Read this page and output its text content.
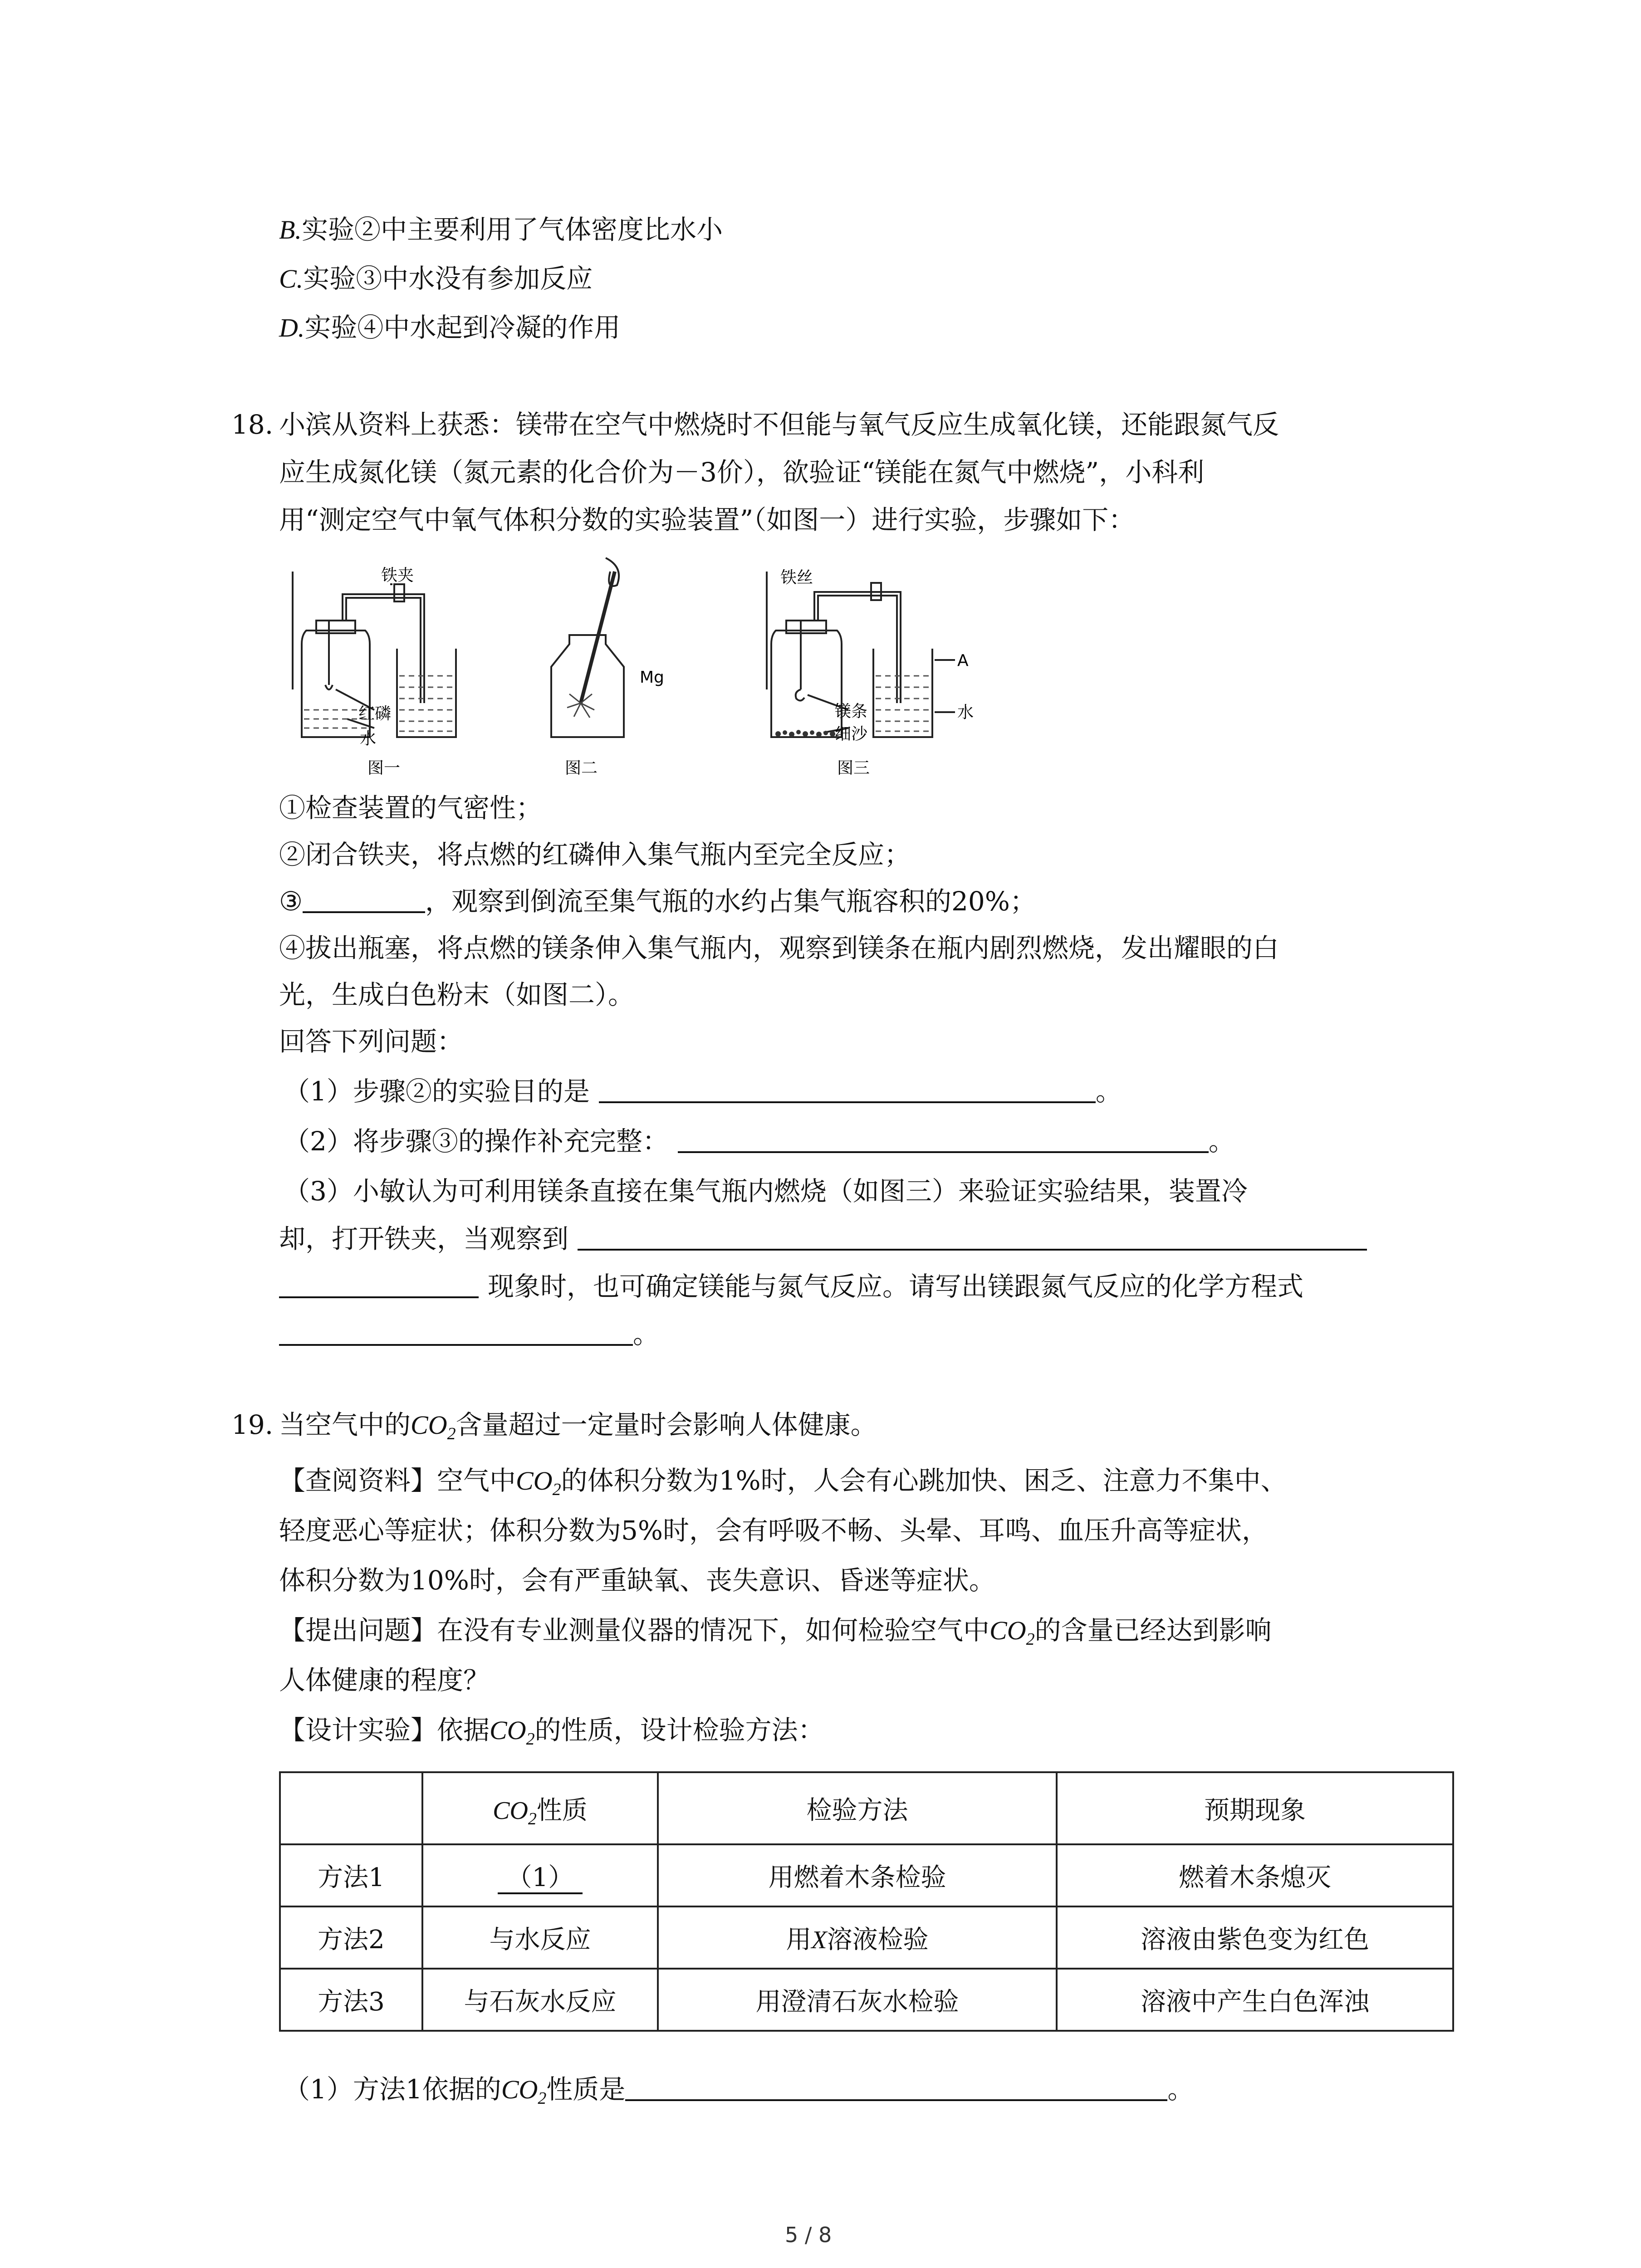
B.实验②中主要利用了气体密度比水小
C.实验③中水没有参加反应
D.实验④中水起到冷凝的作用
18. 小滨从资料上获悉：镁带在空气中燃烧时不但能与氧气反应生成氧化镁，还能跟氮气反
应生成氮化镁（氮元素的化合价为－3价），欲验证“镁能在氮气中燃烧”，小科利
用“测定空气中氧气体积分数的实验装置”（如图一）进行实验，步骤如下：
铁夹
红磷
水
图一
Mg
图二
铁丝
A
镁条
细沙
水
图三
①检查装置的气密性；
②闭合铁夹，将点燃的红磷伸入集气瓶内至完全反应；
③	，观察到倒流至集气瓶的水约占集气瓶容积的20%；
④拔出瓶塞，将点燃的镁条伸入集气瓶内，观察到镁条在瓶内剧烈燃烧，发出耀眼的白
光，生成白色粉末（如图二）。
回答下列问题：
（1）步骤②的实验目的是	。
（2）将步骤③的操作补充完整：	。
（3）小敏认为可利用镁条直接在集气瓶内燃烧（如图三）来验证实验结果，装置冷
却，打开铁夹，当观察到
现象时，也可确定镁能与氮气反应。请写出镁跟氮气反应的化学方程式
。
19. 当空气中的$CO_2$含量超过一定量时会影响人体健康。
【查阅资料】空气中$CO_2$的体积分数为1%时，人会有心跳加快、困乏、注意力不集中、
轻度恶心等症状；体积分数为5%时，会有呼吸不畅、头晕、耳鸣、血压升高等症状，
体积分数为10%时，会有严重缺氧、丧失意识、昏迷等症状。
【提出问题】在没有专业测量仪器的情况下，如何检验空气中$CO_2$的含量已经达到影响
人体健康的程度？
【设计实验】依据$CO_2$的性质，设计检验方法：
	$CO_2$性质	检验方法	预期现象
方法1	（1）	用燃着木条检验	燃着木条熄灭
方法2	与水反应	用X溶液检验	溶液由紫色变为红色
方法3	与石灰水反应	用澄清石灰水检验	溶液中产生白色浑浊
（1）方法1依据的$CO_2$性质是	。
5 / 8
